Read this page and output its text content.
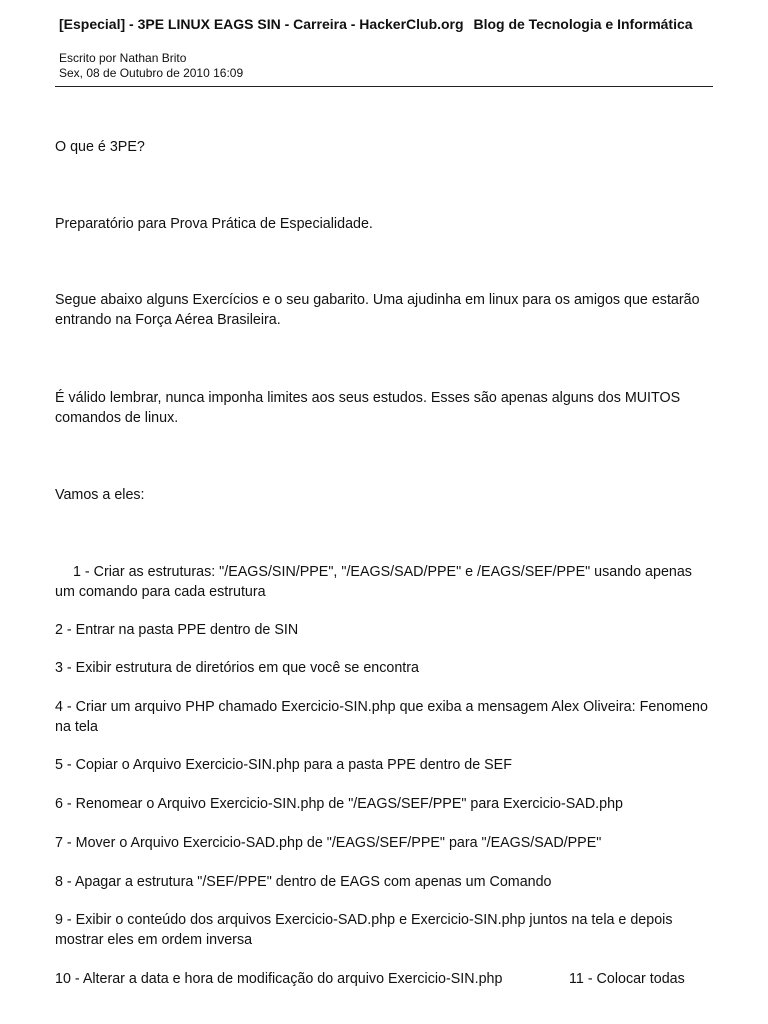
[Especial] - 3PE LINUX EAGS SIN - Carreira - HackerClub.org Blog de Tecnologia e Informática
Escrito por Nathan Brito
Sex, 08 de Outubro de 2010 16:09
O que é 3PE?
Preparatório para Prova Prática de Especialidade.
Segue abaixo alguns Exercícios e o seu gabarito. Uma ajudinha em linux para os amigos que estarão entrando na Força Aérea Brasileira.
É válido lembrar, nunca imponha limites aos seus estudos. Esses são apenas alguns dos MUITOS comandos de linux.
Vamos a eles:
1 - Criar as estruturas: "/EAGS/SIN/PPE", "/EAGS/SAD/PPE" e /EAGS/SEF/PPE" usando apenas um comando para cada estrutura
2 - Entrar na pasta PPE dentro de SIN
3 - Exibir estrutura de diretórios em que você se encontra
4 - Criar um arquivo PHP chamado Exercicio-SIN.php que exiba a mensagem Alex Oliveira: Fenomeno na tela
5 - Copiar o Arquivo Exercicio-SIN.php para a pasta PPE dentro de SEF
6 - Renomear o Arquivo Exercicio-SIN.php de "/EAGS/SEF/PPE" para Exercicio-SAD.php
7 - Mover o Arquivo Exercicio-SAD.php de "/EAGS/SEF/PPE" para "/EAGS/SAD/PPE"
8 - Apagar a estrutura "/SEF/PPE" dentro de EAGS com apenas um Comando
9 - Exibir o conteúdo dos arquivos Exercicio-SAD.php e Exercicio-SIN.php juntos na tela e depois mostrar eles em ordem inversa
10 - Alterar a data e hora de modificação do arquivo Exercicio-SIN.php	11 - Colocar todas
